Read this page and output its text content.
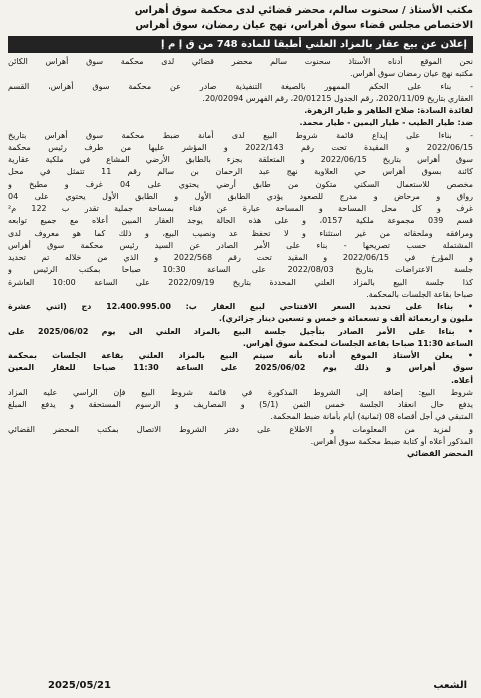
مكتب الأستاذ / سحنوت سالم، محضر قضائي لدى محكمة سوق أهراس
الاختصاص مجلس قضاء سوق أهراس، نهج عيان رمضان، سوق أهراس
إعلان عن بيع عقار بالمزاد العلني أطبقا للمادة 748 من ق إ م إ
نحن الموقع أدناه الأستاذ سحنوت سالم محضر قضائي لدى محكمة سوق أهراس الكائن
مكتبه نهج عيان رمضان سوق أهراس.
- بناء على الحكم الممهور بالصيغة التنفيذية صادر عن محكمة سوق أهراس، القسم
العقاري بتاريخ 2020/11/09، رقم الجدول 20/01215، رقم الفهرس 20/02094.
لفائدة السادة: صلاح الطاهر و طيار الزهرة.
ضد: طيار الطيب - طيار اليمين - طيار محمد.
- بناءا على إيداع قائمة شروط البيع لدى أمانة ضبط محكمة سوق أهراس بتاريخ
2022/06/15 و المقيدة تحت رقم 2022/143 و المؤشر عليها من طرف رئيس محكمة
سوق أهراس بتاريخ 2022/06/15 و المتعلقة بجزء بالطابق الأرضي المشاع في ملكية عقارية
كائنة بسوق أهراس حي العلاوية نهج عبد الرحمان بن سالم رقم 11 تتمثل في محل
مخصص للاستعمال السكني متكون من طابق أرضي يحتوي على 04 غرف و مطبخ و
رواق و مرحاض و مدرج للصعود يؤدي الطابق الأول و الطابق الأول يحتوي على 04
غرف و كل محل المساحة و المساحة عبارة عن فناء بمساحة جملية تقدر ب 122 م²
قسم 039 مجموعة ملكية 0157، و على هذه الحالة يوجد العقار المبين أعلاه مع جميع توابعه
ومرافقه وملحقاته من غير استثناء و لا تحفظ عد ونصيب البيع، و ذلك كما هو معروف لدى
المشتملة حسب تصريحها - بناء على الأمر الصادر عن السيد رئيس محكمة سوق أهراس
و المؤرخ في 2022/06/15 و المقيد تحت رقم 2022/568 و الذي من خلاله تم تحديد
جلسة الاعتراضات بتاريخ 2022/08/03 على الساعة 10:30 صباحا بمكتب الرئيس و
كذا جلسة البيع بالمزاد العلني المحددة بتاريخ 2022/09/19 على الساعة 10:00 العاشرة
صباحا بقاعة الجلسات بالمحكمة.
• بناءا على تحديد السعر الافتتاحي لبيع العقار ب: 12.400.995.00 دج (اثني عشرة
مليون و اربعمائة ألف و تسعمائة و خمس و تسعين دينار جزائري).
• بناءا على الأمر الصادر بتأجيل جلسة البيع بالمزاد العلني الى يوم 2025/06/02 على
الساعة 11:30 صباحا بقاعة الجلسات لمحكمة سوق أهراس.
• يعلن الأستاذ الموقع أدناه بأنه سيتم البيع بالمزاد العلني بقاعة الجلسات بمحكمة
سوق أهراس و ذلك يوم 2025/06/02 على الساعة 11:30 صباحا للعقار المعين
أعلاه.
شروط البيع: إضافة إلى الشروط المذكورة في قائمة شروط البيع فإن الراسي عليه المزاد
يدفع حال انعقاد الجلسة خمس الثمن (5/1) و المصاريف و الرسوم المستحقة و يدفع المبلغ
المتبقي في أجل أقصاه 08 (ثمانية) أيام بأمانة ضبط المحكمة.
و لمزيد من المعلومات و الاطلاع على دفتر الشروط الاتصال بمكتب المحضر القضائي
المذكور أعلاه أو كتابة ضبط محكمة سوق أهراس.
المحضر القضائي
الشعب
2025/05/21
